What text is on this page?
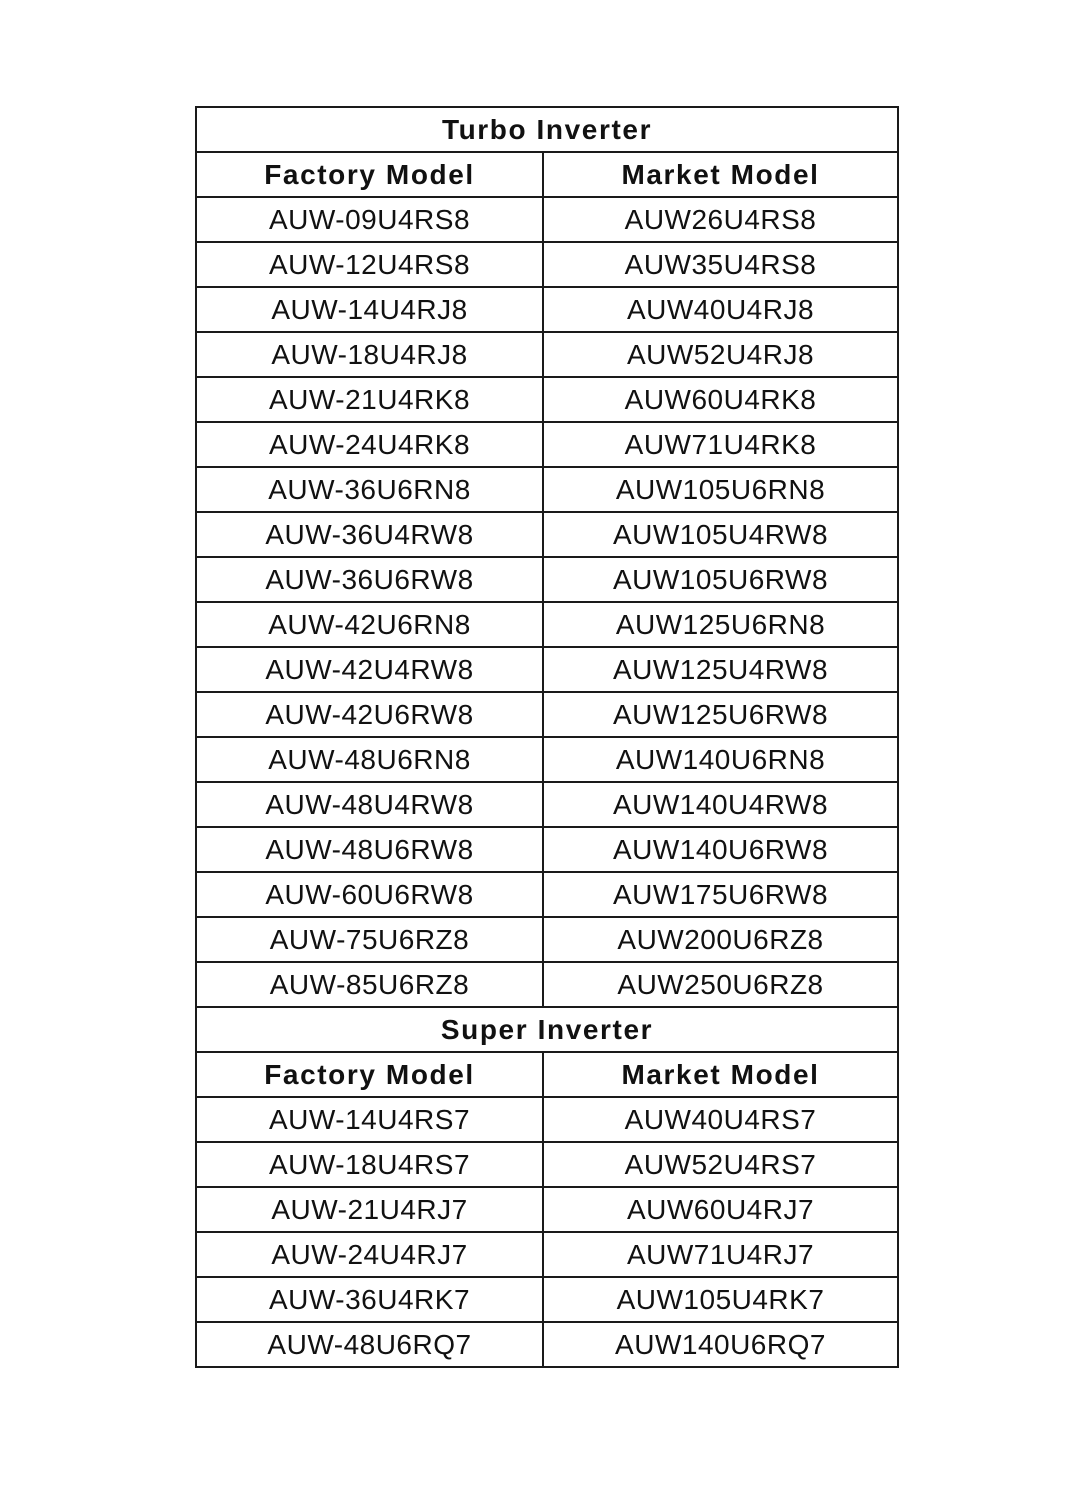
Turbo Inverter	
Factory Model	Market Model
AUW-09U4RS8	AUW26U4RS8
AUW-12U4RS8	AUW35U4RS8
AUW-14U4RJ8	AUW40U4RJ8
AUW-18U4RJ8	AUW52U4RJ8
AUW-21U4RK8	AUW60U4RK8
AUW-24U4RK8	AUW71U4RK8
AUW-36U6RN8	AUW105U6RN8
AUW-36U4RW8	AUW105U4RW8
AUW-36U6RW8	AUW105U6RW8
AUW-42U6RN8	AUW125U6RN8
AUW-42U4RW8	AUW125U4RW8
AUW-42U6RW8	AUW125U6RW8
AUW-48U6RN8	AUW140U6RN8
AUW-48U4RW8	AUW140U4RW8
AUW-48U6RW8	AUW140U6RW8
AUW-60U6RW8	AUW175U6RW8
AUW-75U6RZ8	AUW200U6RZ8
AUW-85U6RZ8	AUW250U6RZ8
Super Inverter	
Factory Model	Market Model
AUW-14U4RS7	AUW40U4RS7
AUW-18U4RS7	AUW52U4RS7
AUW-21U4RJ7	AUW60U4RJ7
AUW-24U4RJ7	AUW71U4RJ7
AUW-36U4RK7	AUW105U4RK7
AUW-48U6RQ7	AUW140U6RQ7
